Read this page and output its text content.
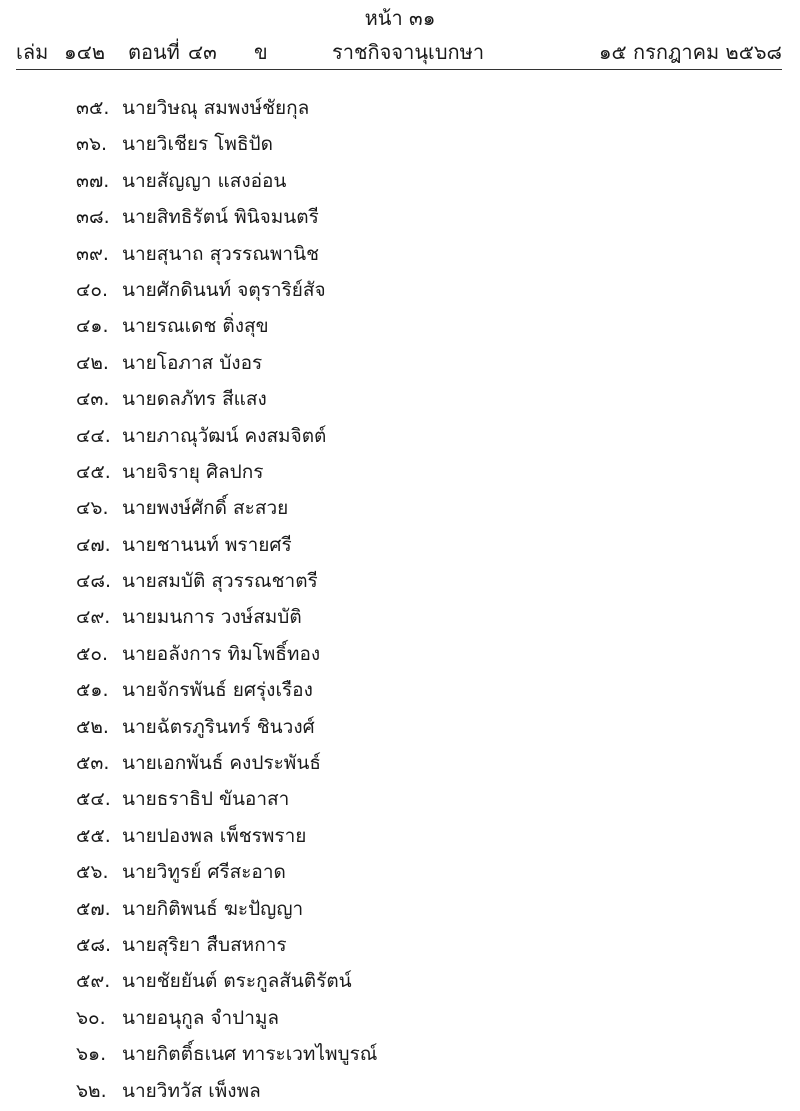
หน้า ๓๑
เล่ม ๑๔๒ ตอนที่ ๔๓ ข	ราชกิจจานุเบกษา	๑๕ กรกฎาคม ๒๕๖๘
๓๕. นายวิษณุ สมพงษ์ชัยกุล
๓๖. นายวิเชียร โพธิปัด
๓๗. นายสัญญา แสงอ่อน
๓๘. นายสิทธิรัตน์ พินิจมนตรี
๓๙. นายสุนาถ สุวรรณพานิช
๔๐. นายศักดินนท์ จตุราริย์สัจ
๔๑. นายรณเดช ติ่งสุข
๔๒. นายโอภาส บังอร
๔๓. นายดลภัทร สีแสง
๔๔. นายภาณุวัฒน์ คงสมจิตต์
๔๕. นายจิรายุ ศิลปกร
๔๖. นายพงษ์ศักดิ์ สะสวย
๔๗. นายชานนท์ พรายศรี
๔๘. นายสมบัติ สุวรรณชาตรี
๔๙. นายมนการ วงษ์สมบัติ
๕๐. นายอลังการ ทิมโพธิ์ทอง
๕๑. นายจักรพันธ์ ยศรุ่งเรือง
๕๒. นายฉัตรภูรินทร์ ชินวงศ์
๕๓. นายเอกพันธ์ คงประพันธ์
๕๔. นายธราธิป ขันอาสา
๕๕. นายปองพล เพ็ชรพราย
๕๖. นายวิทูรย์ ศรีสะอาด
๕๗. นายกิติพนธ์ ฆะปัญญา
๕๘. นายสุริยา สืบสหการ
๕๙. นายชัยยันต์ ตระกูลสันติรัตน์
๖๐. นายอนุกูล จำปามูล
๖๑. นายกิตติ์ธเนศ ทาระเวทไพบูรณ์
๖๒. นายวิทวัส เพ็งพล
